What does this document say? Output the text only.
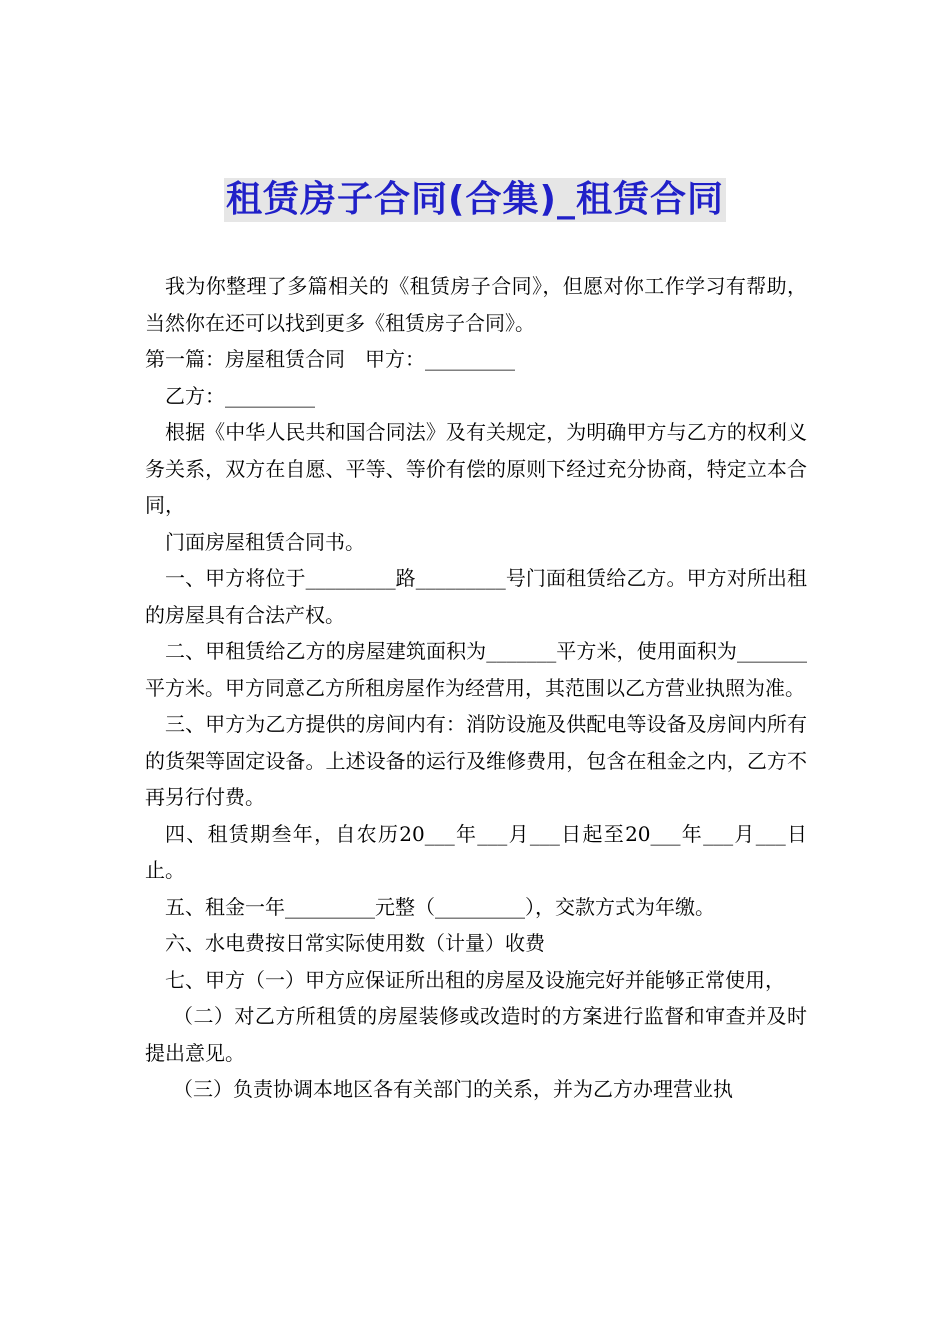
租赁房子合同(合集)_租赁合同

我为你整理了多篇相关的《租赁房子合同》，但愿对你工作学习有帮助，当然你在还可以找到更多《租赁房子合同》。

第一篇：房屋租赁合同　甲方：_________

乙方：_________

根据《中华人民共和国合同法》及有关规定，为明确甲方与乙方的权利义务关系，双方在自愿、平等、等价有偿的原则下经过充分协商，特定立本合同，

门面房屋租赁合同书。

一、甲方将位于_________路_________号门面租赁给乙方。甲方对所出租的房屋具有合法产权。

二、甲租赁给乙方的房屋建筑面积为_______平方米，使用面积为_______平方米。甲方同意乙方所租房屋作为经营用，其范围以乙方营业执照为准。

三、甲方为乙方提供的房间内有：消防设施及供配电等设备及房间内所有的货架等固定设备。上述设备的运行及维修费用，包含在租金之内，乙方不再另行付费。

四、租赁期叁年，自农历20___年___月___日起至20___年___月___日止。

五、租金一年_________元整（_________），交款方式为年缴。

六、水电费按日常实际使用数（计量）收费

七、甲方（一）甲方应保证所出租的房屋及设施完好并能够正常使用，

（二）对乙方所租赁的房屋装修或改造时的方案进行监督和审查并及时提出意见。

（三）负责协调本地区各有关部门的关系，并为乙方办理营业执
